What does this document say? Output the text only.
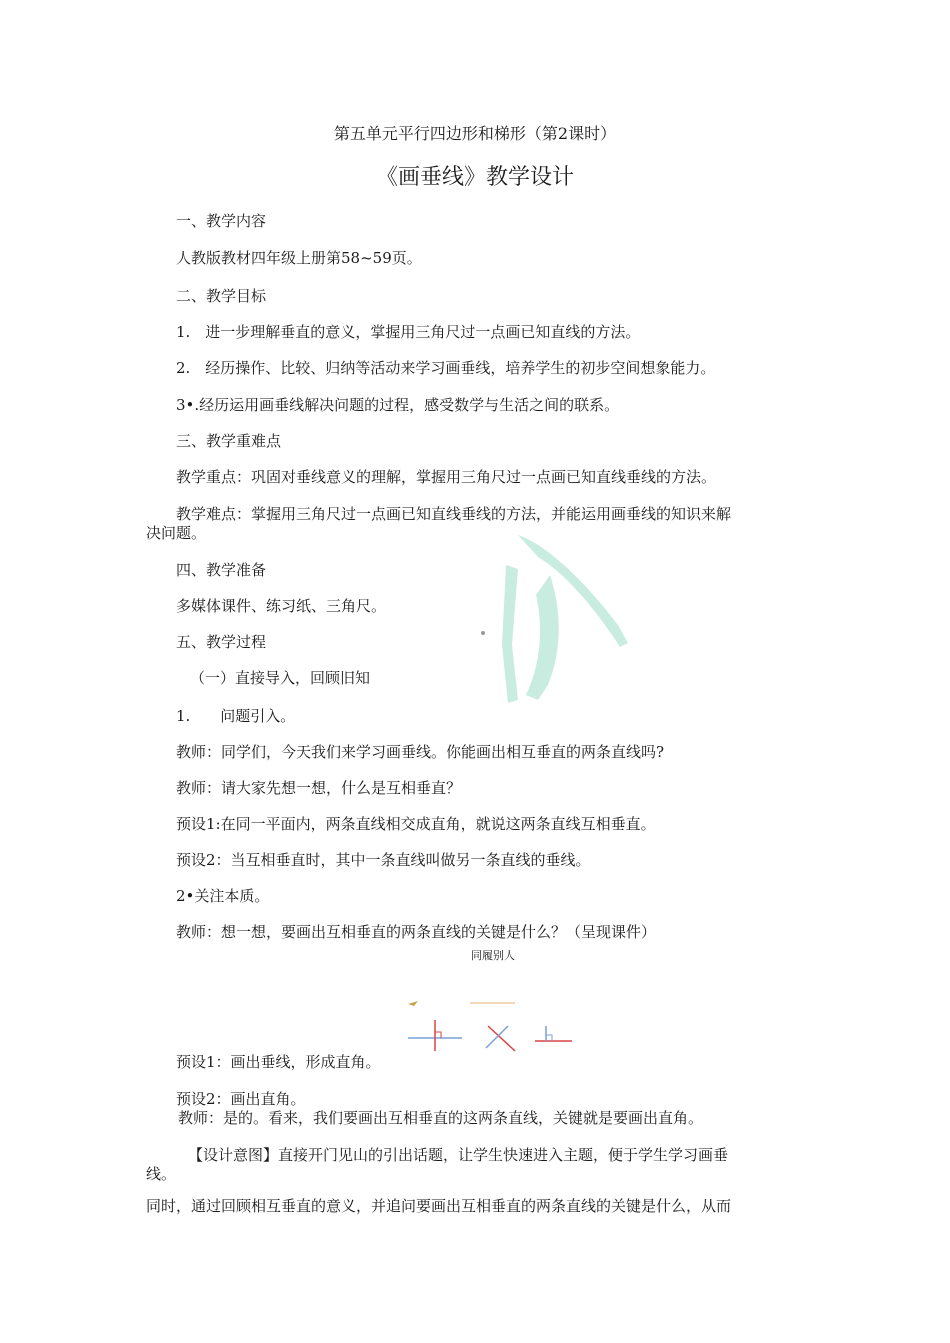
第五单元平行四边形和梯形（第2课时）
《画垂线》教学设计
一、教学内容
人教版教材四年级上册第58~59页。
二、教学目标
1.　进一步理解垂直的意义，掌握用三角尺过一点画已知直线的方法。
2.　经历操作、比较、归纳等活动来学习画垂线，培养学生的初步空间想象能力。
3•.经历运用画垂线解决问题的过程，感受数学与生活之间的联系。
三、教学重难点
教学重点：巩固对垂线意义的理解，掌握用三角尺过一点画已知直线垂线的方法。
教学难点：掌握用三角尺过一点画已知直线垂线的方法，并能运用画垂线的知识来解
决问题。
四、教学准备
多媒体课件、练习纸、三角尺。
五、教学过程
（一）直接导入，回顾旧知
1.　　问题引入。
教师：同学们，今天我们来学习画垂线。你能画出相互垂直的两条直线吗?
教师：请大家先想一想，什么是互相垂直？
预设1:在同一平面内，两条直线相交成直角，就说这两条直线互相垂直。
预设2：当互相垂直时，其中一条直线叫做另一条直线的垂线。
2•关注本质。
教师：想一想，要画出互相垂直的两条直线的关键是什么？（呈现课件）
同履别人
预设1：画出垂线，形成直角。
预设2：画出直角。
教师：是的。看来，我们要画出互相垂直的这两条直线，关键就是要画出直角。
【设计意图】直接开门见山的引出话题，让学生快速进入主题，便于学生学习画垂
线。
同时，通过回顾相互垂直的意义，并追问要画出互相垂直的两条直线的关键是什么，从而
